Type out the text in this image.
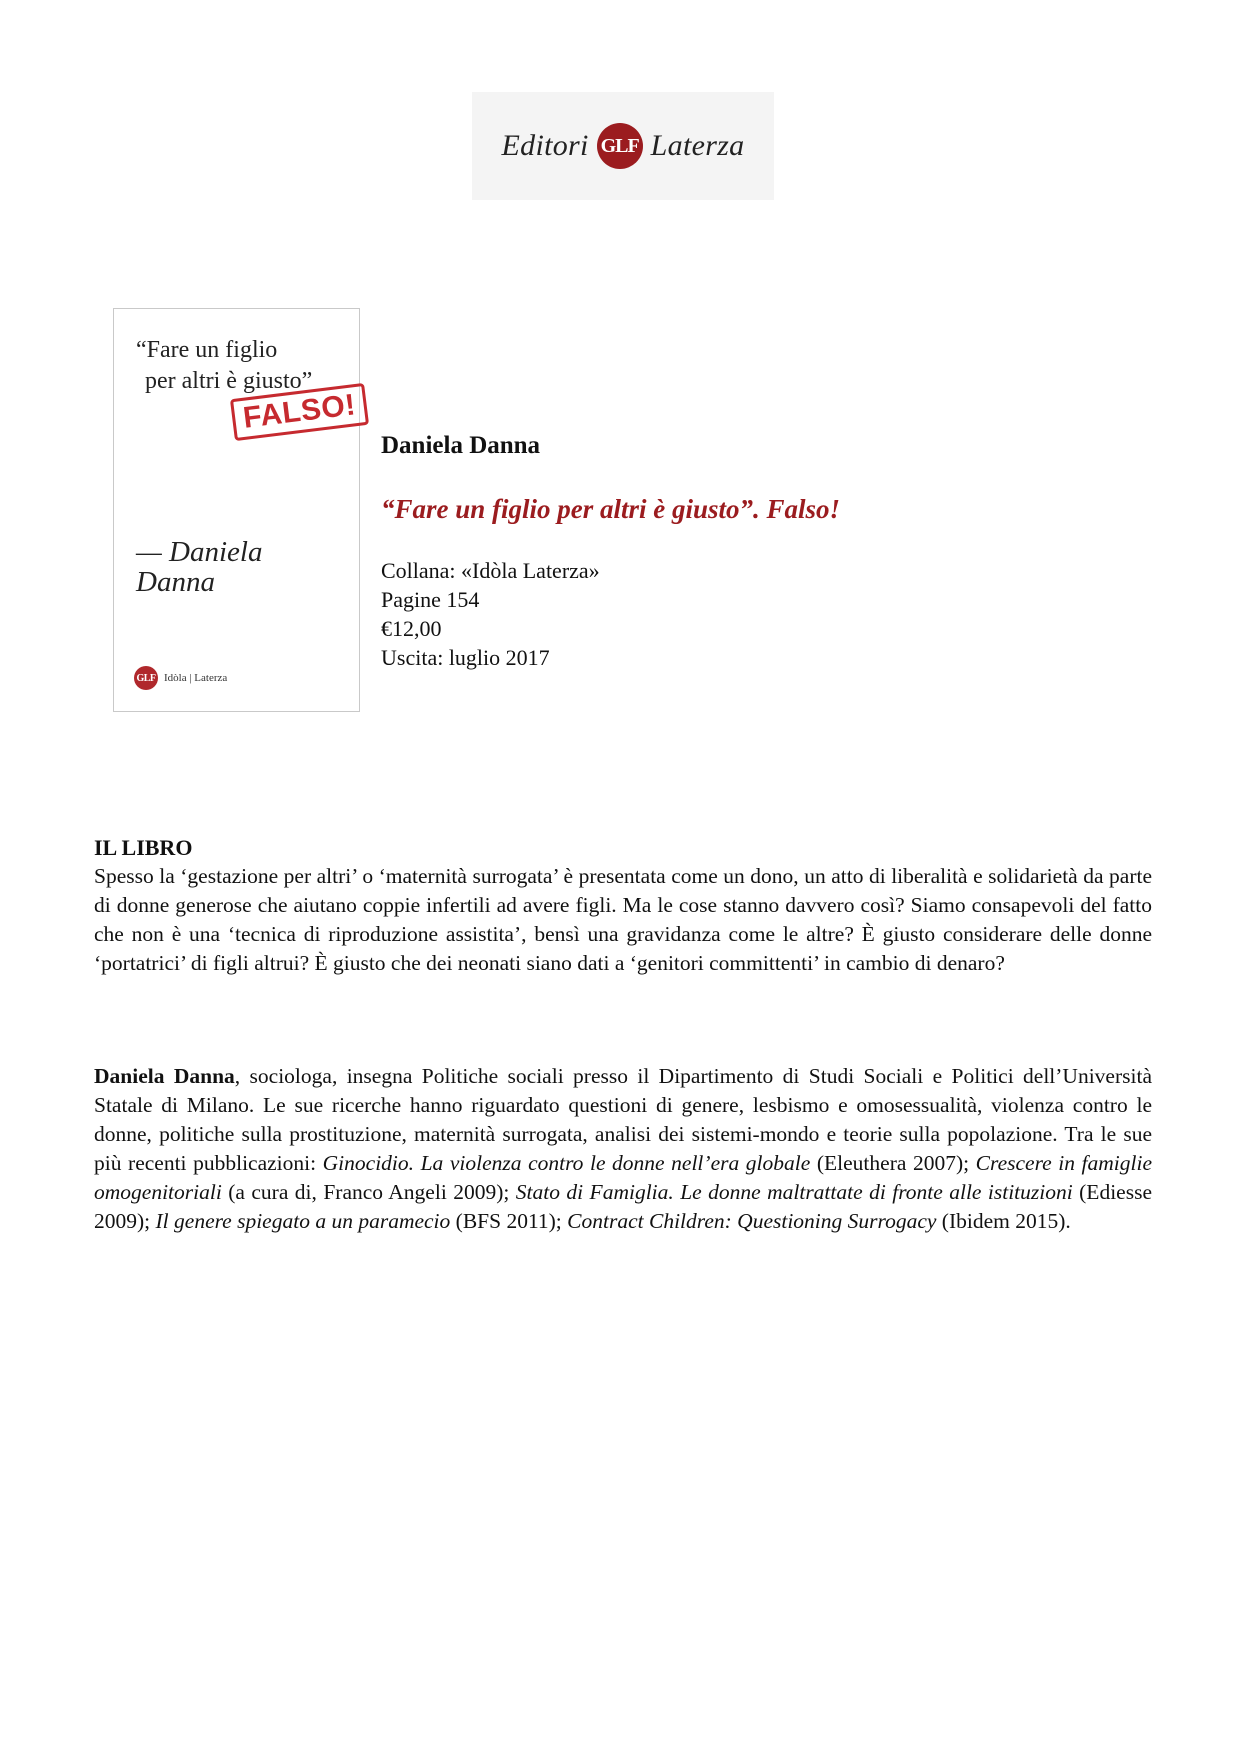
Editori GLF Laterza
“Fare un figlio
per altri è giusto”
FALSO!
— Daniela
Danna
GLF Idòla | Laterza
Daniela Danna
“Fare un figlio per altri è giusto”. Falso!
Collana: «Idòla Laterza»
Pagine 154
€12,00
Uscita: luglio 2017
IL LIBRO
Spesso la ‘gestazione per altri’ o ‘maternità surrogata’ è presentata come un dono, un atto di liberalità e solidarietà da parte di donne generose che aiutano coppie infertili ad avere figli. Ma le cose stanno davvero così? Siamo consapevoli del fatto che non è una ‘tecnica di riproduzione assistita’, bensì una gravidanza come le altre? È giusto considerare delle donne ‘portatrici’ di figli altrui? È giusto che dei neonati siano dati a ‘genitori committenti’ in cambio di denaro?
Daniela Danna, sociologa, insegna Politiche sociali presso il Dipartimento di Studi Sociali e Politici dell’Università Statale di Milano. Le sue ricerche hanno riguardato questioni di genere, lesbismo e omosessualità, violenza contro le donne, politiche sulla prostituzione, maternità surrogata, analisi dei sistemi-mondo e teorie sulla popolazione. Tra le sue più recenti pubblicazioni: Ginocidio. La violenza contro le donne nell’era globale (Eleuthera 2007); Crescere in famiglie omogenitoriali (a cura di, Franco Angeli 2009); Stato di Famiglia. Le donne maltrattate di fronte alle istituzioni (Ediesse 2009); Il genere spiegato a un paramecio (BFS 2011); Contract Children: Questioning Surrogacy (Ibidem 2015).
